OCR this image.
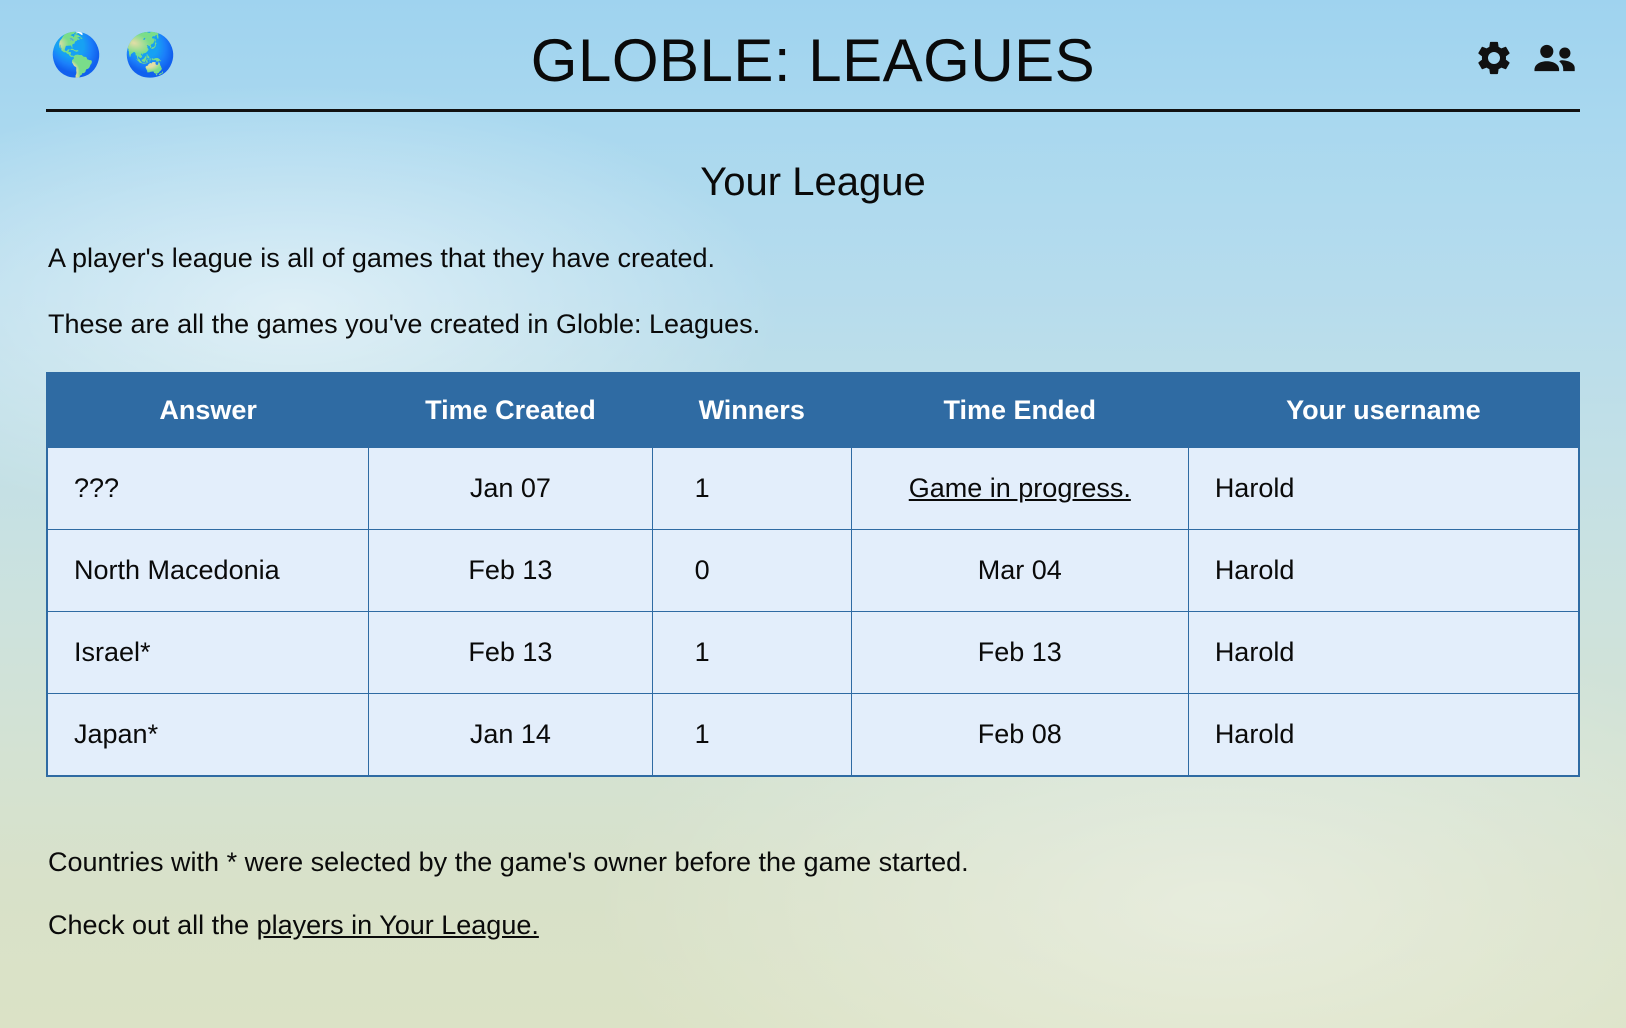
🌎 🌏	GLOBLE: LEAGUES
Your League

A player's league is all of games that they have created.

These are all the games you've created in Globle: Leagues.

Answer	Time Created	Winners	Time Ended	Your username
???	Jan 07	1	Game in progress.	Harold
North Macedonia	Feb 13	0	Mar 04	Harold
Israel*	Feb 13	1	Feb 13	Harold
Japan*	Jan 14	1	Feb 08	Harold

Countries with * were selected by the game's owner before the game started.

Check out all the players in Your League.
